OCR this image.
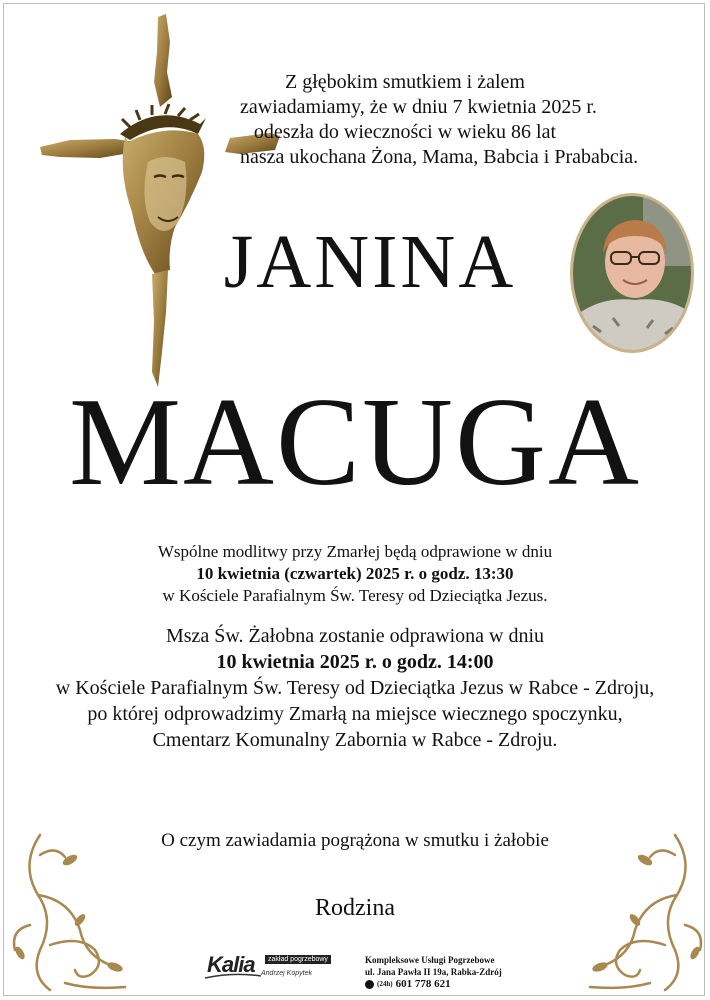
Z głębokim smutkiem i żalem
zawiadamiamy, że w dniu 7 kwietnia 2025 r.
odeszła do wieczności w wieku 86 lat
nasza ukochana Żona, Mama, Babcia i Prababcia.
JANINA
MACUGA
Wspólne modlitwy przy Zmarłej będą odprawione w dniu
10 kwietnia (czwartek) 2025 r. o godz. 13:30
w Kościele Parafialnym Św. Teresy od Dzieciątka Jezus.
Msza Św. Żałobna zostanie odprawiona w dniu
10 kwietnia 2025 r. o godz. 14:00
w Kościele Parafialnym Św. Teresy od Dzieciątka Jezus w Rabce - Zdroju,
po której odprowadzimy Zmarłą na miejsce wiecznego spoczynku,
Cmentarz Komunalny Zabornia w Rabce - Zdroju.
O czym zawiadamia pogrążona w smutku i żałobie
Rodzina
Kalia	zakład pogrzebowy
Andrzej Kopytek
Kompleksowe Usługi Pogrzebowe
ul. Jana Pawła II 19a, Rabka-Zdrój
(24h) 601 778 621
